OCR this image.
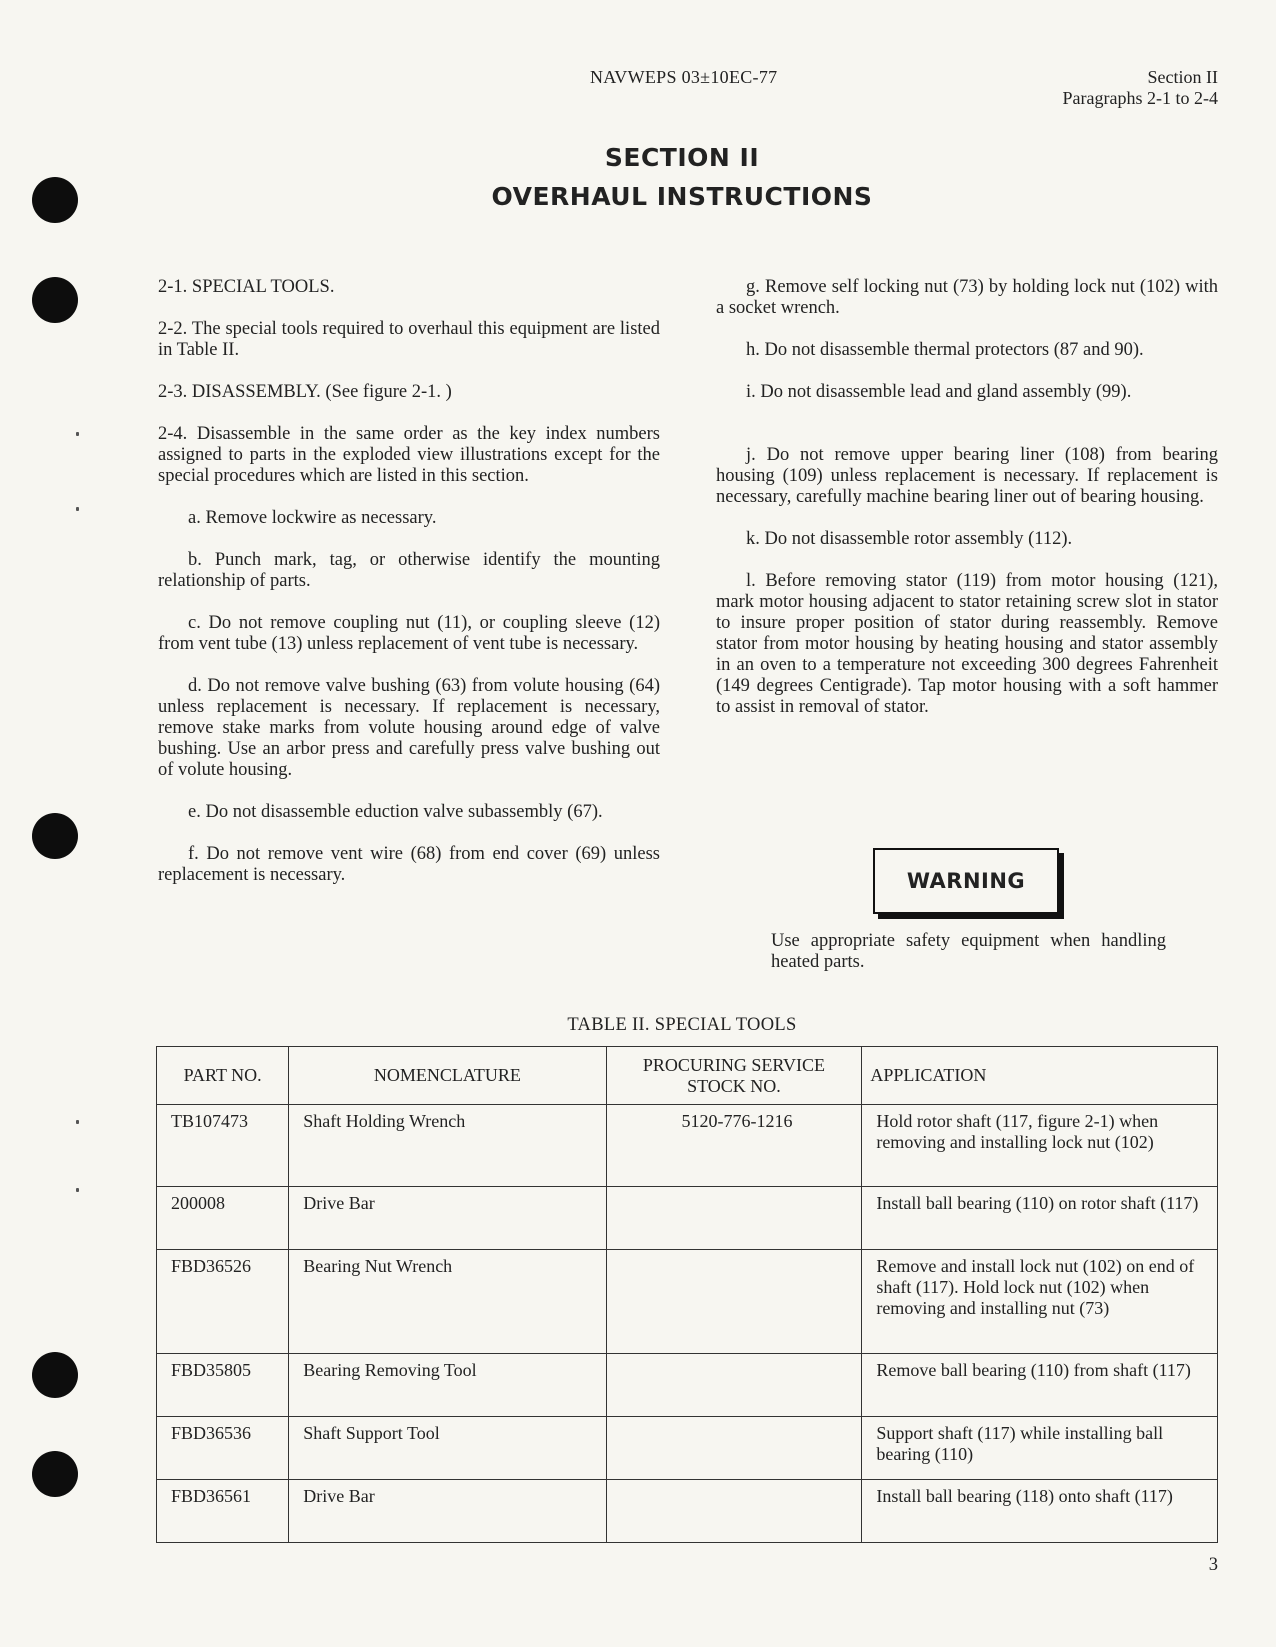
NAVWEPS 03±10EC-77	Section II
Paragraphs 2-1 to 2-4
SECTION II
OVERHAUL INSTRUCTIONS

2-1. SPECIAL TOOLS.

2-2. The special tools required to overhaul this equipment are listed in Table II.

2-3. DISASSEMBLY. (See figure 2-1. )

2-4. Disassemble in the same order as the key index numbers assigned to parts in the exploded view illustrations except for the special procedures which are listed in this section.

a. Remove lockwire as necessary.

b. Punch mark, tag, or otherwise identify the mounting relationship of parts.

c. Do not remove coupling nut (11), or coupling sleeve (12) from vent tube (13) unless replacement of vent tube is necessary.

d. Do not remove valve bushing (63) from volute housing (64) unless replacement is necessary. If replacement is necessary, remove stake marks from volute housing around edge of valve bushing. Use an arbor press and carefully press valve bushing out of volute housing.

e. Do not disassemble eduction valve subassembly (67).

f. Do not remove vent wire (68) from end cover (69) unless replacement is necessary.

g. Remove self locking nut (73) by holding lock nut (102) with a socket wrench.

h. Do not disassemble thermal protectors (87 and 90).

i. Do not disassemble lead and gland assembly (99).

j. Do not remove upper bearing liner (108) from bearing housing (109) unless replacement is necessary. If replacement is necessary, carefully machine bearing liner out of bearing housing.

k. Do not disassemble rotor assembly (112).

l. Before removing stator (119) from motor housing (121), mark motor housing adjacent to stator retaining screw slot in stator to insure proper position of stator during reassembly. Remove stator from motor housing by heating housing and stator assembly in an oven to a temperature not exceeding 300 degrees Fahrenheit (149 degrees Centigrade). Tap motor housing with a soft hammer to assist in removal of stator.

WARNING
Use appropriate safety equipment when handling heated parts.
TABLE II. SPECIAL TOOLS
PART NO.	NOMENCLATURE	PROCURING SERVICE STOCK NO.	APPLICATION
TB107473	Shaft Holding Wrench	5120-776-1216	Hold rotor shaft (117, figure 2-1) when removing and installing lock nut (102)
200008	Drive Bar		Install ball bearing (110) on rotor shaft (117)
FBD36526	Bearing Nut Wrench		Remove and install lock nut (102) on end of shaft (117). Hold lock nut (102) when removing and installing nut (73)
FBD35805	Bearing Removing Tool		Remove ball bearing (110) from shaft (117)
FBD36536	Shaft Support Tool		Support shaft (117) while installing ball bearing (110)
FBD36561	Drive Bar		Install ball bearing (118) onto shaft (117)
3
